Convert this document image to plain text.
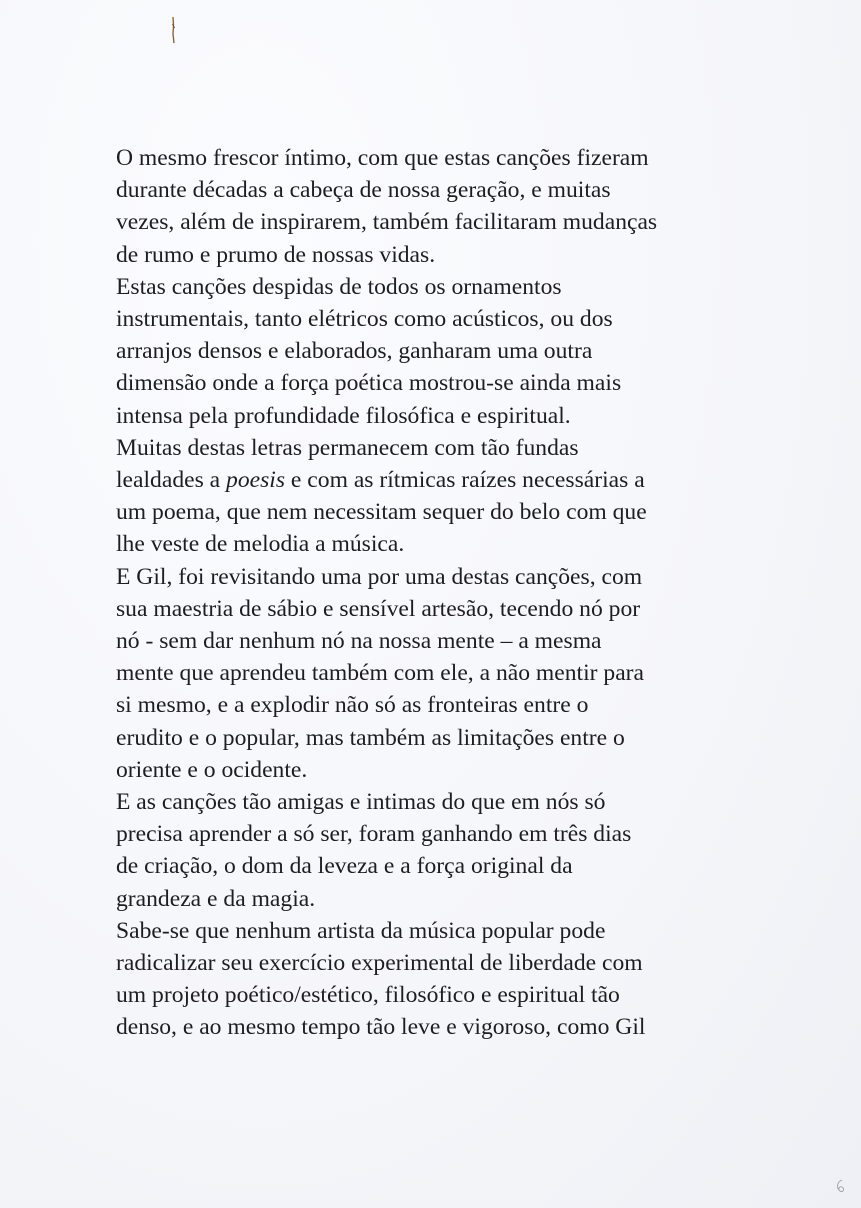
O mesmo frescor íntimo, com que estas canções fizeram
durante décadas a cabeça de nossa geração, e muitas
vezes, além de inspirarem, também facilitaram mudanças
de rumo e prumo de nossas vidas.
Estas canções despidas de todos os ornamentos
instrumentais, tanto elétricos como acústicos, ou dos
arranjos densos e elaborados, ganharam uma outra
dimensão onde a força poética mostrou-se ainda mais
intensa pela profundidade filosófica e espiritual.
Muitas destas letras permanecem com tão fundas
lealdades a poesis e com as rítmicas raízes necessárias a
um poema, que nem necessitam sequer do belo com que
lhe veste de melodia a música.
E Gil, foi revisitando uma por uma destas canções, com
sua maestria de sábio e sensível artesão, tecendo nó por
nó - sem dar nenhum nó na nossa mente – a mesma
mente que aprendeu também com ele, a não mentir para
si mesmo, e a explodir não só as fronteiras entre o
erudito e o popular, mas também as limitações entre o
oriente e o ocidente.
E as canções tão amigas e intimas do que em nós só
precisa aprender a só ser, foram ganhando em três dias
de criação, o dom da leveza e a força original da
grandeza e da magia.
Sabe-se que nenhum artista da música popular pode
radicalizar seu exercício experimental de liberdade com
um projeto poético/estético, filosófico e espiritual tão
denso, e ao mesmo tempo tão leve e vigoroso, como Gil
